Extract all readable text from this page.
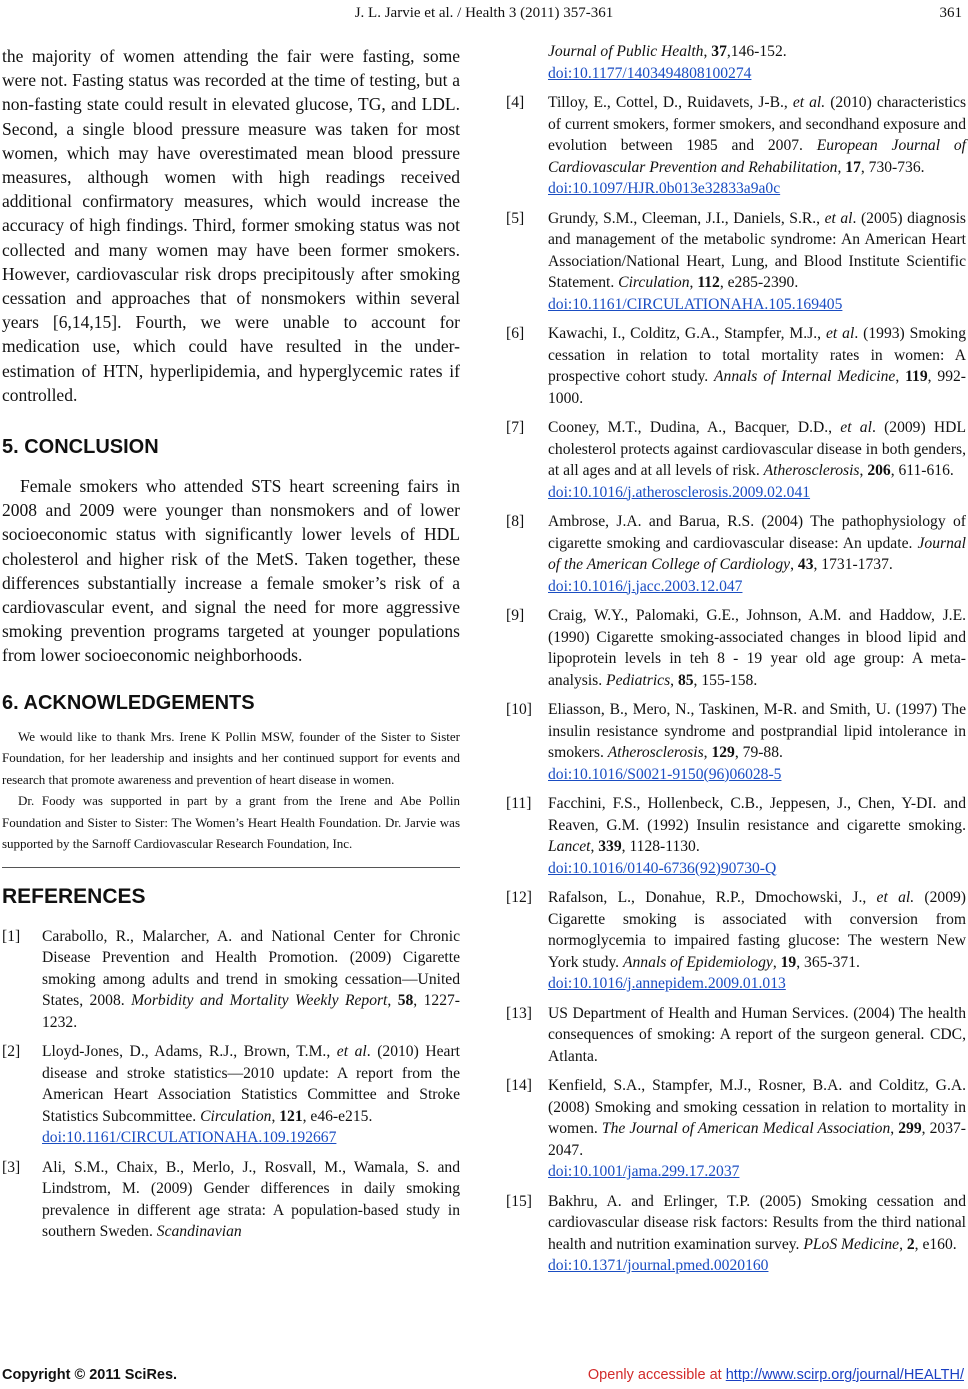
J. L. Jarvie et al. / Health 3 (2011) 357-361	361

the majority of women attending the fair were fasting, some were not. Fasting status was recorded at the time of testing, but a non-fasting state could result in elevated glucose, TG, and LDL. Second, a single blood pressure measure was taken for most women, which may have overestimated mean blood pressure measures, although women with high readings received additional confirmatory measures, which would increase the accuracy of high findings. Third, former smoking status was not collected and many women may have been former smokers. However, cardiovascular risk drops precipitously after smoking cessation and approaches that of nonsmokers within several years [6,14,15]. Fourth, we were unable to account for medication use, which could have resulted in the under-estimation of HTN, hyperlipidemia, and hyperglycemic rates if controlled.

5. CONCLUSION

Female smokers who attended STS heart screening fairs in 2008 and 2009 were younger than nonsmokers and of lower socioeconomic status with significantly lower levels of HDL cholesterol and higher risk of the MetS. Taken together, these differences substantially increase a female smoker’s risk of a cardiovascular event, and signal the need for more aggressive smoking prevention programs targeted at younger populations from lower socioeconomic neighborhoods.

6. ACKNOWLEDGEMENTS

We would like to thank Mrs. Irene K Pollin MSW, founder of the Sister to Sister Foundation, for her leadership and insights and her continued support for events and research that promote awareness and prevention of heart disease in women.

Dr. Foody was supported in part by a grant from the Irene and Abe Pollin Foundation and Sister to Sister: The Women’s Heart Health Foundation. Dr. Jarvie was supported by the Sarnoff Cardiovascular Research Foundation, Inc.

REFERENCES
[1] Carabollo, R., Malarcher, A. and National Center for Chronic Disease Prevention and Health Promotion. (2009) Cigarette smoking among adults and trend in smoking cessation—United States, 2008. Morbidity and Mortality Weekly Report, 58, 1227-1232.
[2] Lloyd-Jones, D., Adams, R.J., Brown, T.M., et al. (2010) Heart disease and stroke statistics—2010 update: A report from the American Heart Association Statistics Committee and Stroke Statistics Subcommittee. Circulation, 121, e46-e215.
doi:10.1161/CIRCULATIONAHA.109.192667
[3] Ali, S.M., Chaix, B., Merlo, J., Rosvall, M., Wamala, S. and Lindstrom, M. (2009) Gender differences in daily smoking prevalence in different age strata: A population-based study in southern Sweden. Scandinavian
Journal of Public Health, 37,146-152.
doi:10.1177/1403494808100274
[4] Tilloy, E., Cottel, D., Ruidavets, J-B., et al. (2010) characteristics of current smokers, former smokers, and secondhand exposure and evolution between 1985 and 2007. European Journal of Cardiovascular Prevention and Rehabilitation, 17, 730-736.
doi:10.1097/HJR.0b013e32833a9a0c
[5] Grundy, S.M., Cleeman, J.I., Daniels, S.R., et al. (2005) diagnosis and management of the metabolic syndrome: An American Heart Association/National Heart, Lung, and Blood Institute Scientific Statement. Circulation, 112, e285-2390.
doi:10.1161/CIRCULATIONAHA.105.169405
[6] Kawachi, I., Colditz, G.A., Stampfer, M.J., et al. (1993) Smoking cessation in relation to total mortality rates in women: A prospective cohort study. Annals of Internal Medicine, 119, 992-1000.
[7] Cooney, M.T., Dudina, A., Bacquer, D.D., et al. (2009) HDL cholesterol protects against cardiovascular disease in both genders, at all ages and at all levels of risk. Atherosclerosis, 206, 611-616.
doi:10.1016/j.atherosclerosis.2009.02.041
[8] Ambrose, J.A. and Barua, R.S. (2004) The pathophysiology of cigarette smoking and cardiovascular disease: An update. Journal of the American College of Cardiology, 43, 1731-1737.
doi:10.1016/j.jacc.2003.12.047
[9] Craig, W.Y., Palomaki, G.E., Johnson, A.M. and Haddow, J.E. (1990) Cigarette smoking-associated changes in blood lipid and lipoprotein levels in teh 8 - 19 year old age group: A meta-analysis. Pediatrics, 85, 155-158.
[10] Eliasson, B., Mero, N., Taskinen, M-R. and Smith, U. (1997) The insulin resistance syndrome and postprandial lipid intolerance in smokers. Atherosclerosis, 129, 79-88.
doi:10.1016/S0021-9150(96)06028-5
[11] Facchini, F.S., Hollenbeck, C.B., Jeppesen, J., Chen, Y-DI. and Reaven, G.M. (1992) Insulin resistance and cigarette smoking. Lancet, 339, 1128-1130.
doi:10.1016/0140-6736(92)90730-Q
[12] Rafalson, L., Donahue, R.P., Dmochowski, J., et al. (2009) Cigarette smoking is associated with conversion from normoglycemia to impaired fasting glucose: The western New York study. Annals of Epidemiology, 19, 365-371.
doi:10.1016/j.annepidem.2009.01.013
[13] US Department of Health and Human Services. (2004) The health consequences of smoking: A report of the surgeon general. CDC, Atlanta.
[14] Kenfield, S.A., Stampfer, M.J., Rosner, B.A. and Colditz, G.A. (2008) Smoking and smoking cessation in relation to mortality in women. The Journal of American Medical Association, 299, 2037-2047.
doi:10.1001/jama.299.17.2037
[15] Bakhru, A. and Erlinger, T.P. (2005) Smoking cessation and cardiovascular disease risk factors: Results from the third national health and nutrition examination survey. PLoS Medicine, 2, e160.
doi:10.1371/journal.pmed.0020160
Copyright © 2011 SciRes.	Openly accessible at http://www.scirp.org/journal/HEALTH/
